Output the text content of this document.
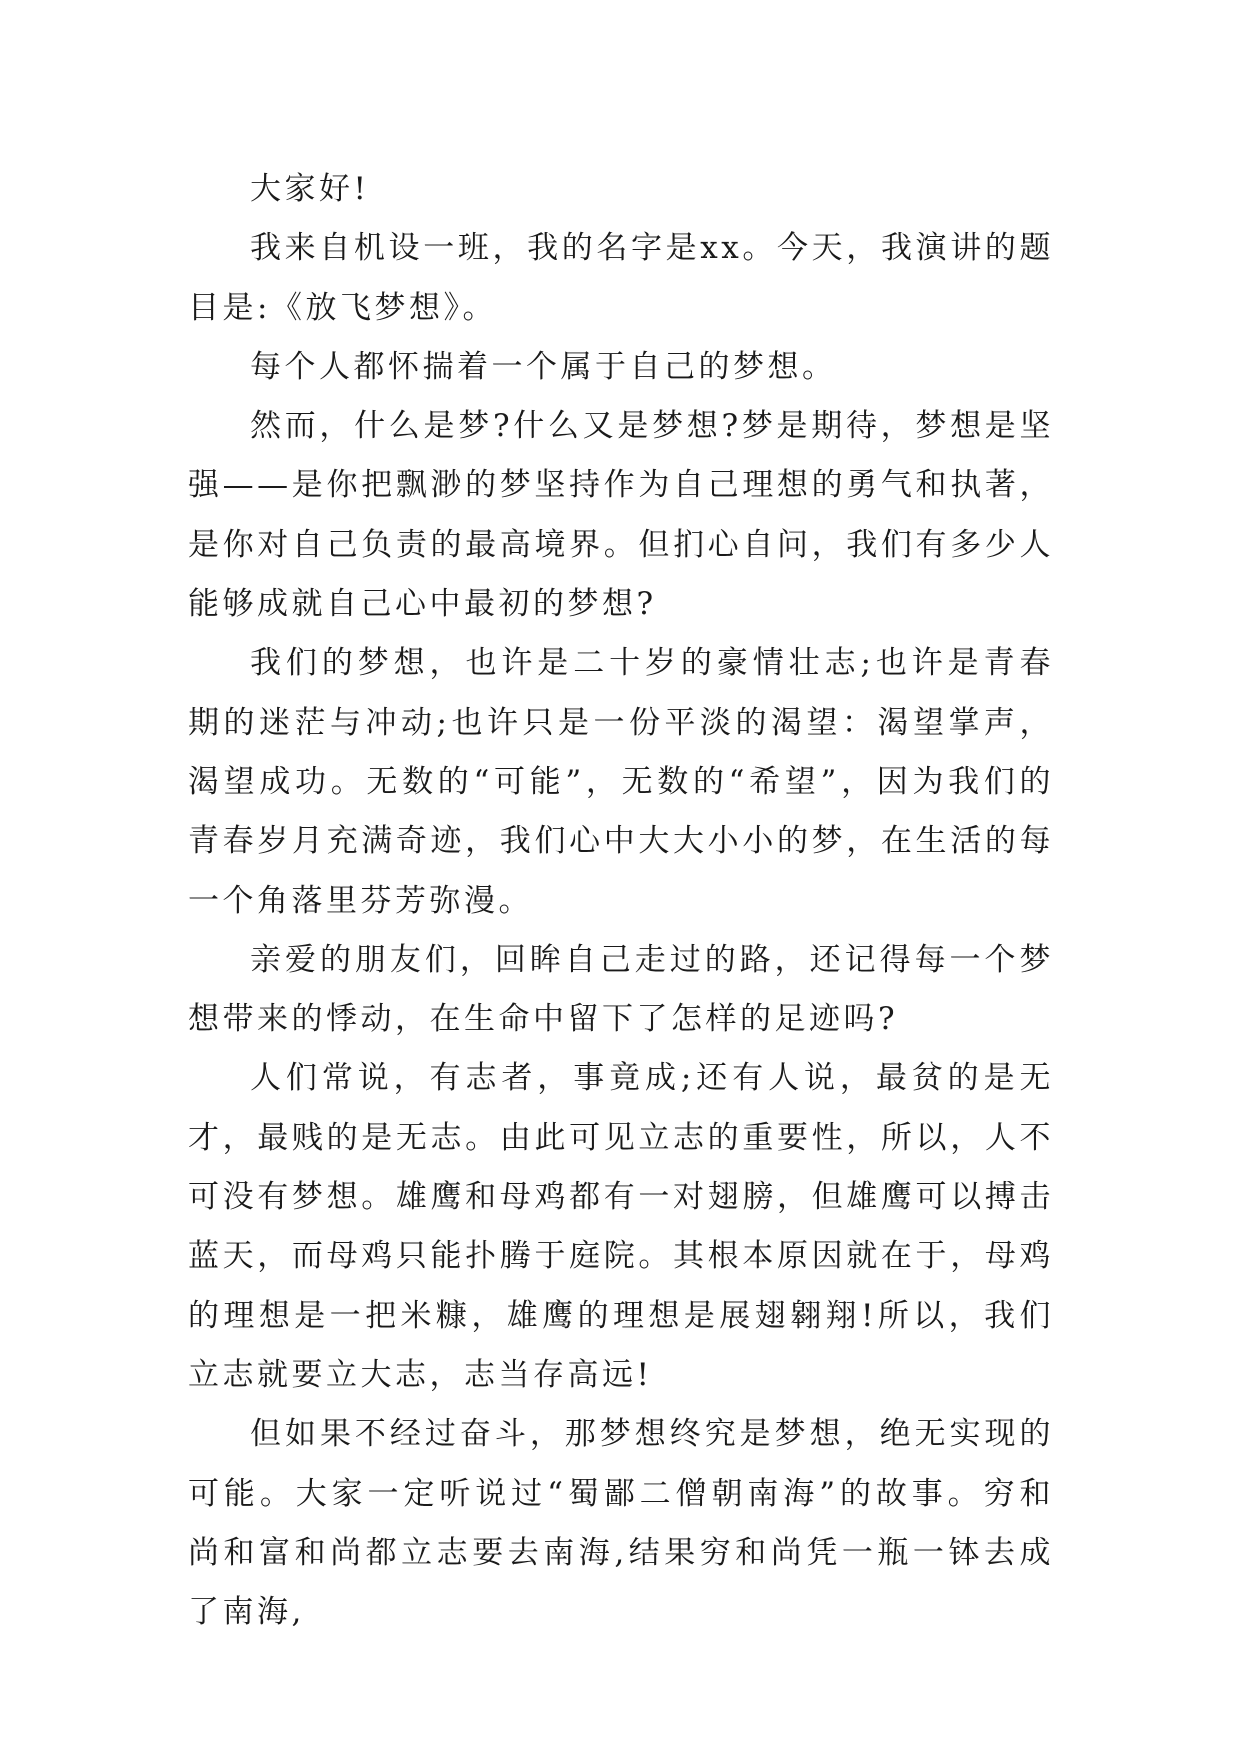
大家好!

我来自机设一班，我的名字是xx。今天，我演讲的题目是:《放飞梦想》。

每个人都怀揣着一个属于自己的梦想。

然而，什么是梦?什么又是梦想?梦是期待，梦想是坚强——是你把飘渺的梦坚持作为自己理想的勇气和执著，是你对自己负责的最高境界。但扪心自问，我们有多少人能够成就自己心中最初的梦想?

我们的梦想，也许是二十岁的豪情壮志;也许是青春期的迷茫与冲动;也许只是一份平淡的渴望：渴望掌声，渴望成功。无数的“可能”，无数的“希望”，因为我们的青春岁月充满奇迹，我们心中大大小小的梦，在生活的每一个角落里芬芳弥漫。

亲爱的朋友们，回眸自己走过的路，还记得每一个梦想带来的悸动，在生命中留下了怎样的足迹吗?

人们常说，有志者，事竟成;还有人说，最贫的是无才，最贱的是无志。由此可见立志的重要性，所以，人不可没有梦想。雄鹰和母鸡都有一对翅膀，但雄鹰可以搏击蓝天，而母鸡只能扑腾于庭院。其根本原因就在于，母鸡的理想是一把米糠，雄鹰的理想是展翅翱翔!所以，我们立志就要立大志，志当存高远!

但如果不经过奋斗，那梦想终究是梦想，绝无实现的可能。大家一定听说过“蜀鄙二僧朝南海”的故事。穷和尚和富和尚都立志要去南海,结果穷和尚凭一瓶一钵去成了南海,
